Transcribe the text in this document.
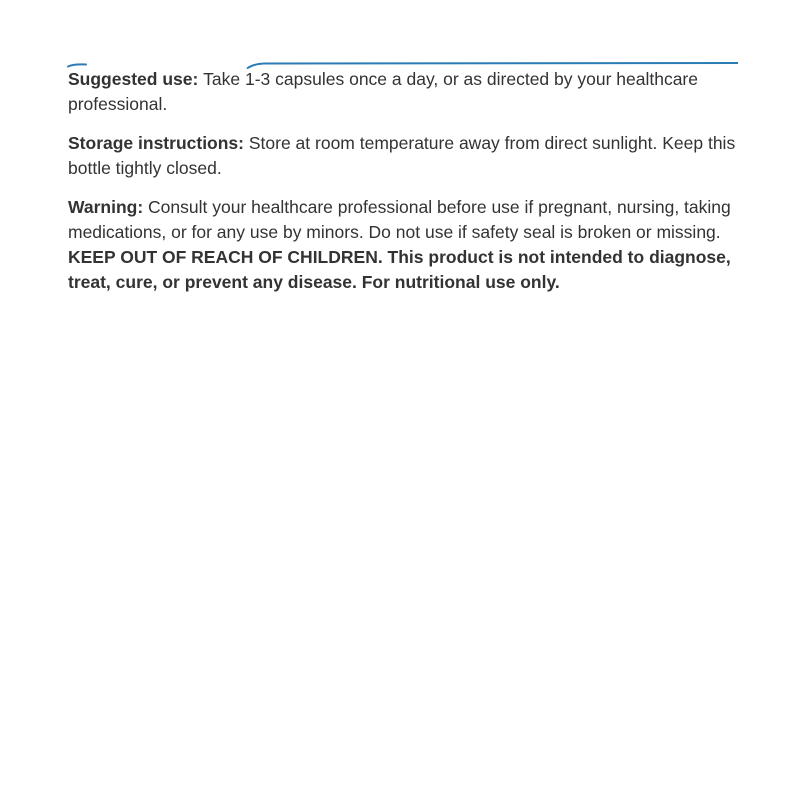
Suggested use: Take 1-3 capsules once a day, or as directed by your healthcare professional.

Storage instructions: Store at room temperature away from direct sunlight. Keep this bottle tightly closed.

Warning: Consult your healthcare professional before use if pregnant, nursing, taking medications, or for any use by minors. Do not use if safety seal is broken or missing. KEEP OUT OF REACH OF CHILDREN. This product is not intended to diagnose, treat, cure, or prevent any disease. For nutritional use only.
